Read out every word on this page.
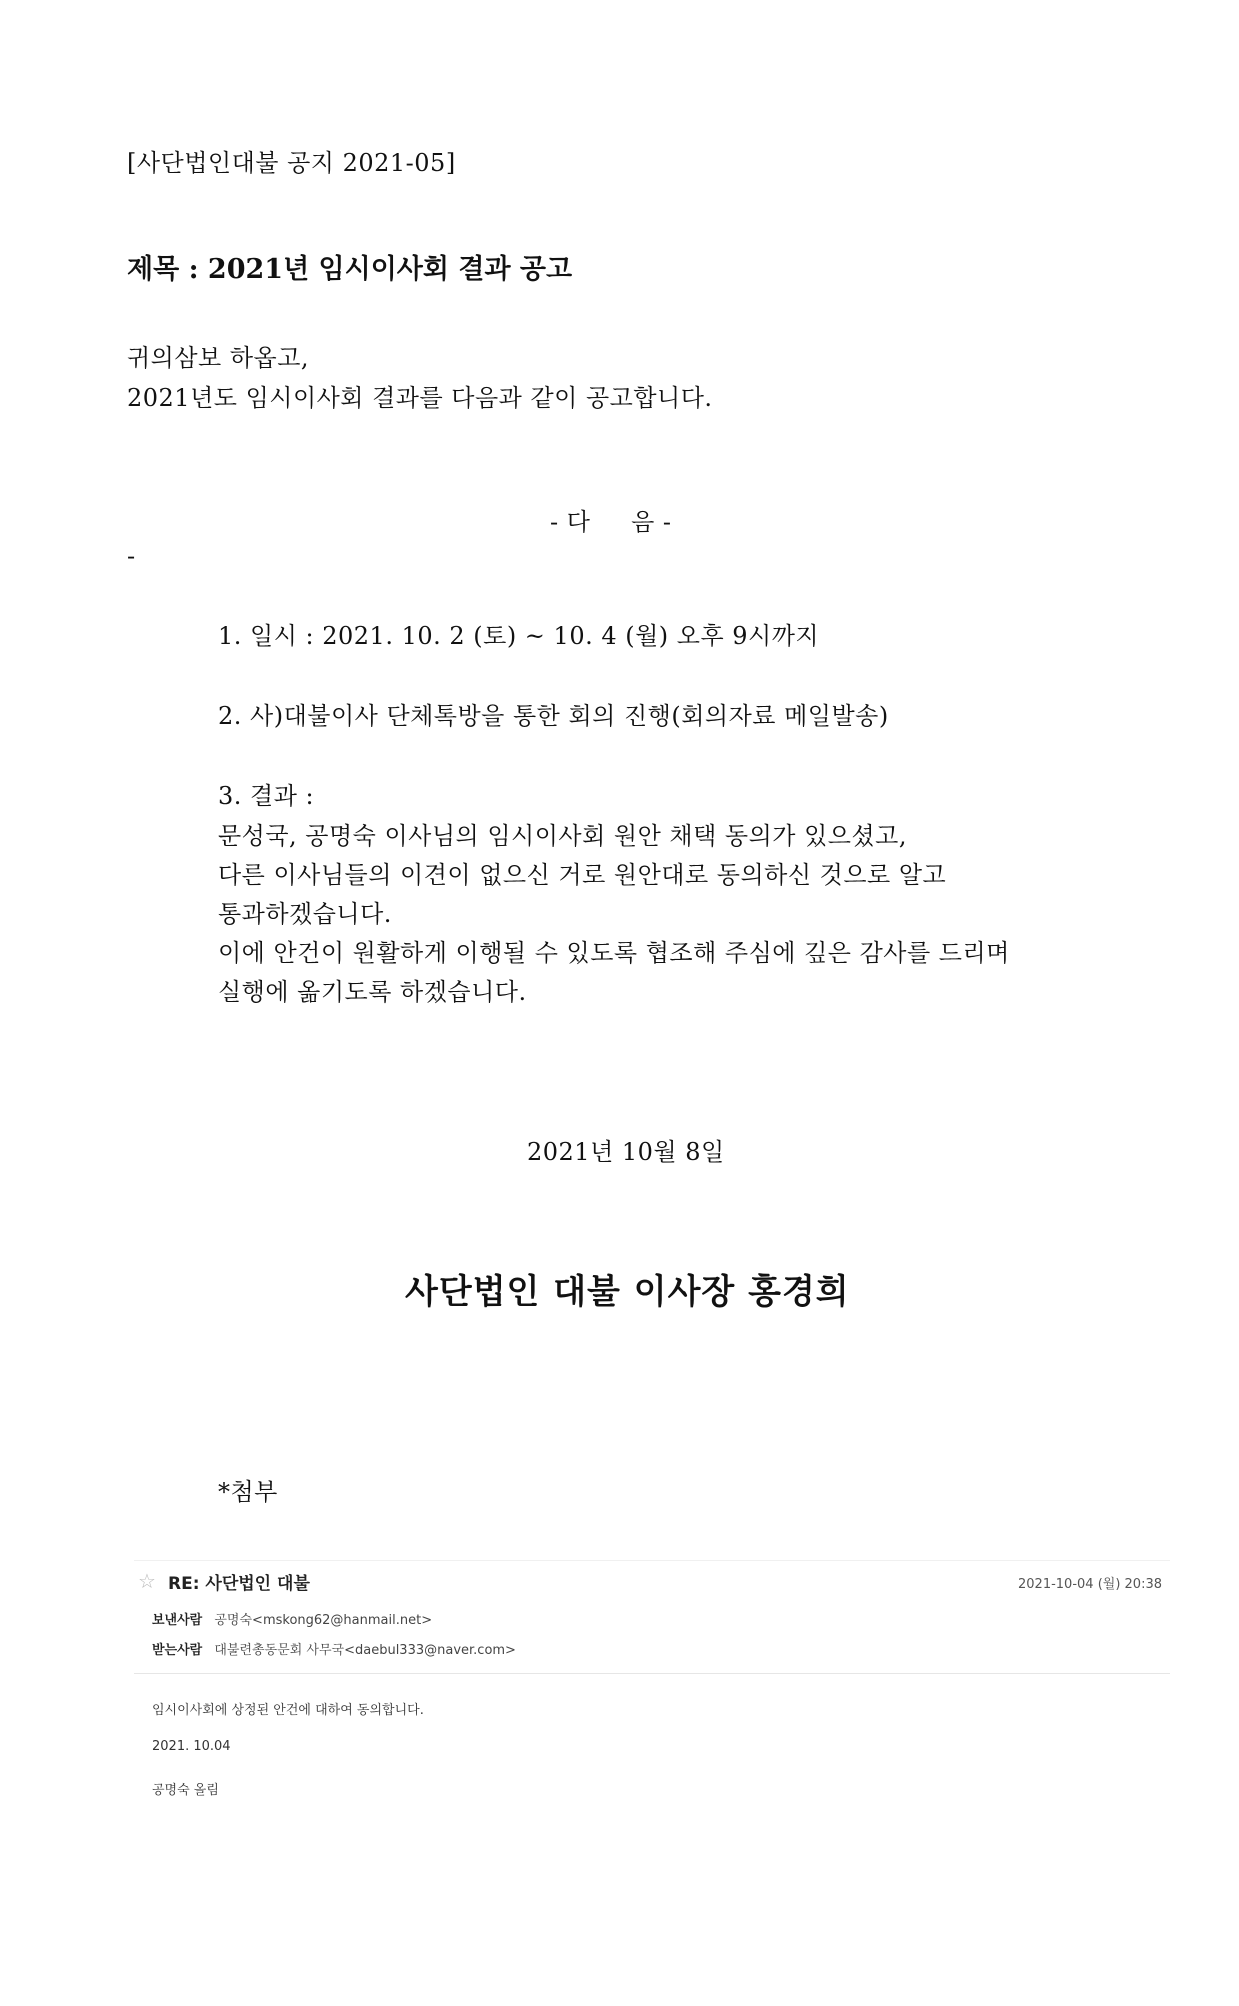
[사단법인대불 공지 2021-05]

제목 : 2021년 임시이사회 결과 공고

귀의삼보 하옵고,

2021년도 임시이사회 결과를 다음과 같이 공고합니다.

- 다     음 -

-

1. 일시 : 2021. 10. 2 (토) ~ 10. 4 (월) 오후 9시까지

2. 사)대불이사 단체톡방을 통한 회의 진행(회의자료 메일발송)

3. 결과 :

문성국, 공명숙 이사님의 임시이사회 원안 채택 동의가 있으셨고,

다른 이사님들의 이견이 없으신 거로 원안대로 동의하신 것으로 알고

통과하겠습니다.

이에 안건이 원활하게 이행될 수 있도록 협조해 주심에 깊은 감사를 드리며

실행에 옮기도록 하겠습니다.

2021년 10월 8일

사단법인 대불 이사장 홍경희

*첨부

☆ RE: 사단법인 대불	2021-10-04 (월) 20:38
보낸사람 공명숙<mskong62@hanmail.net>
받는사람 대불련총동문회 사무국<daebul333@naver.com>
임시이사회에 상정된 안건에 대하여 동의합니다.
2021. 10.04
공명숙 올림
